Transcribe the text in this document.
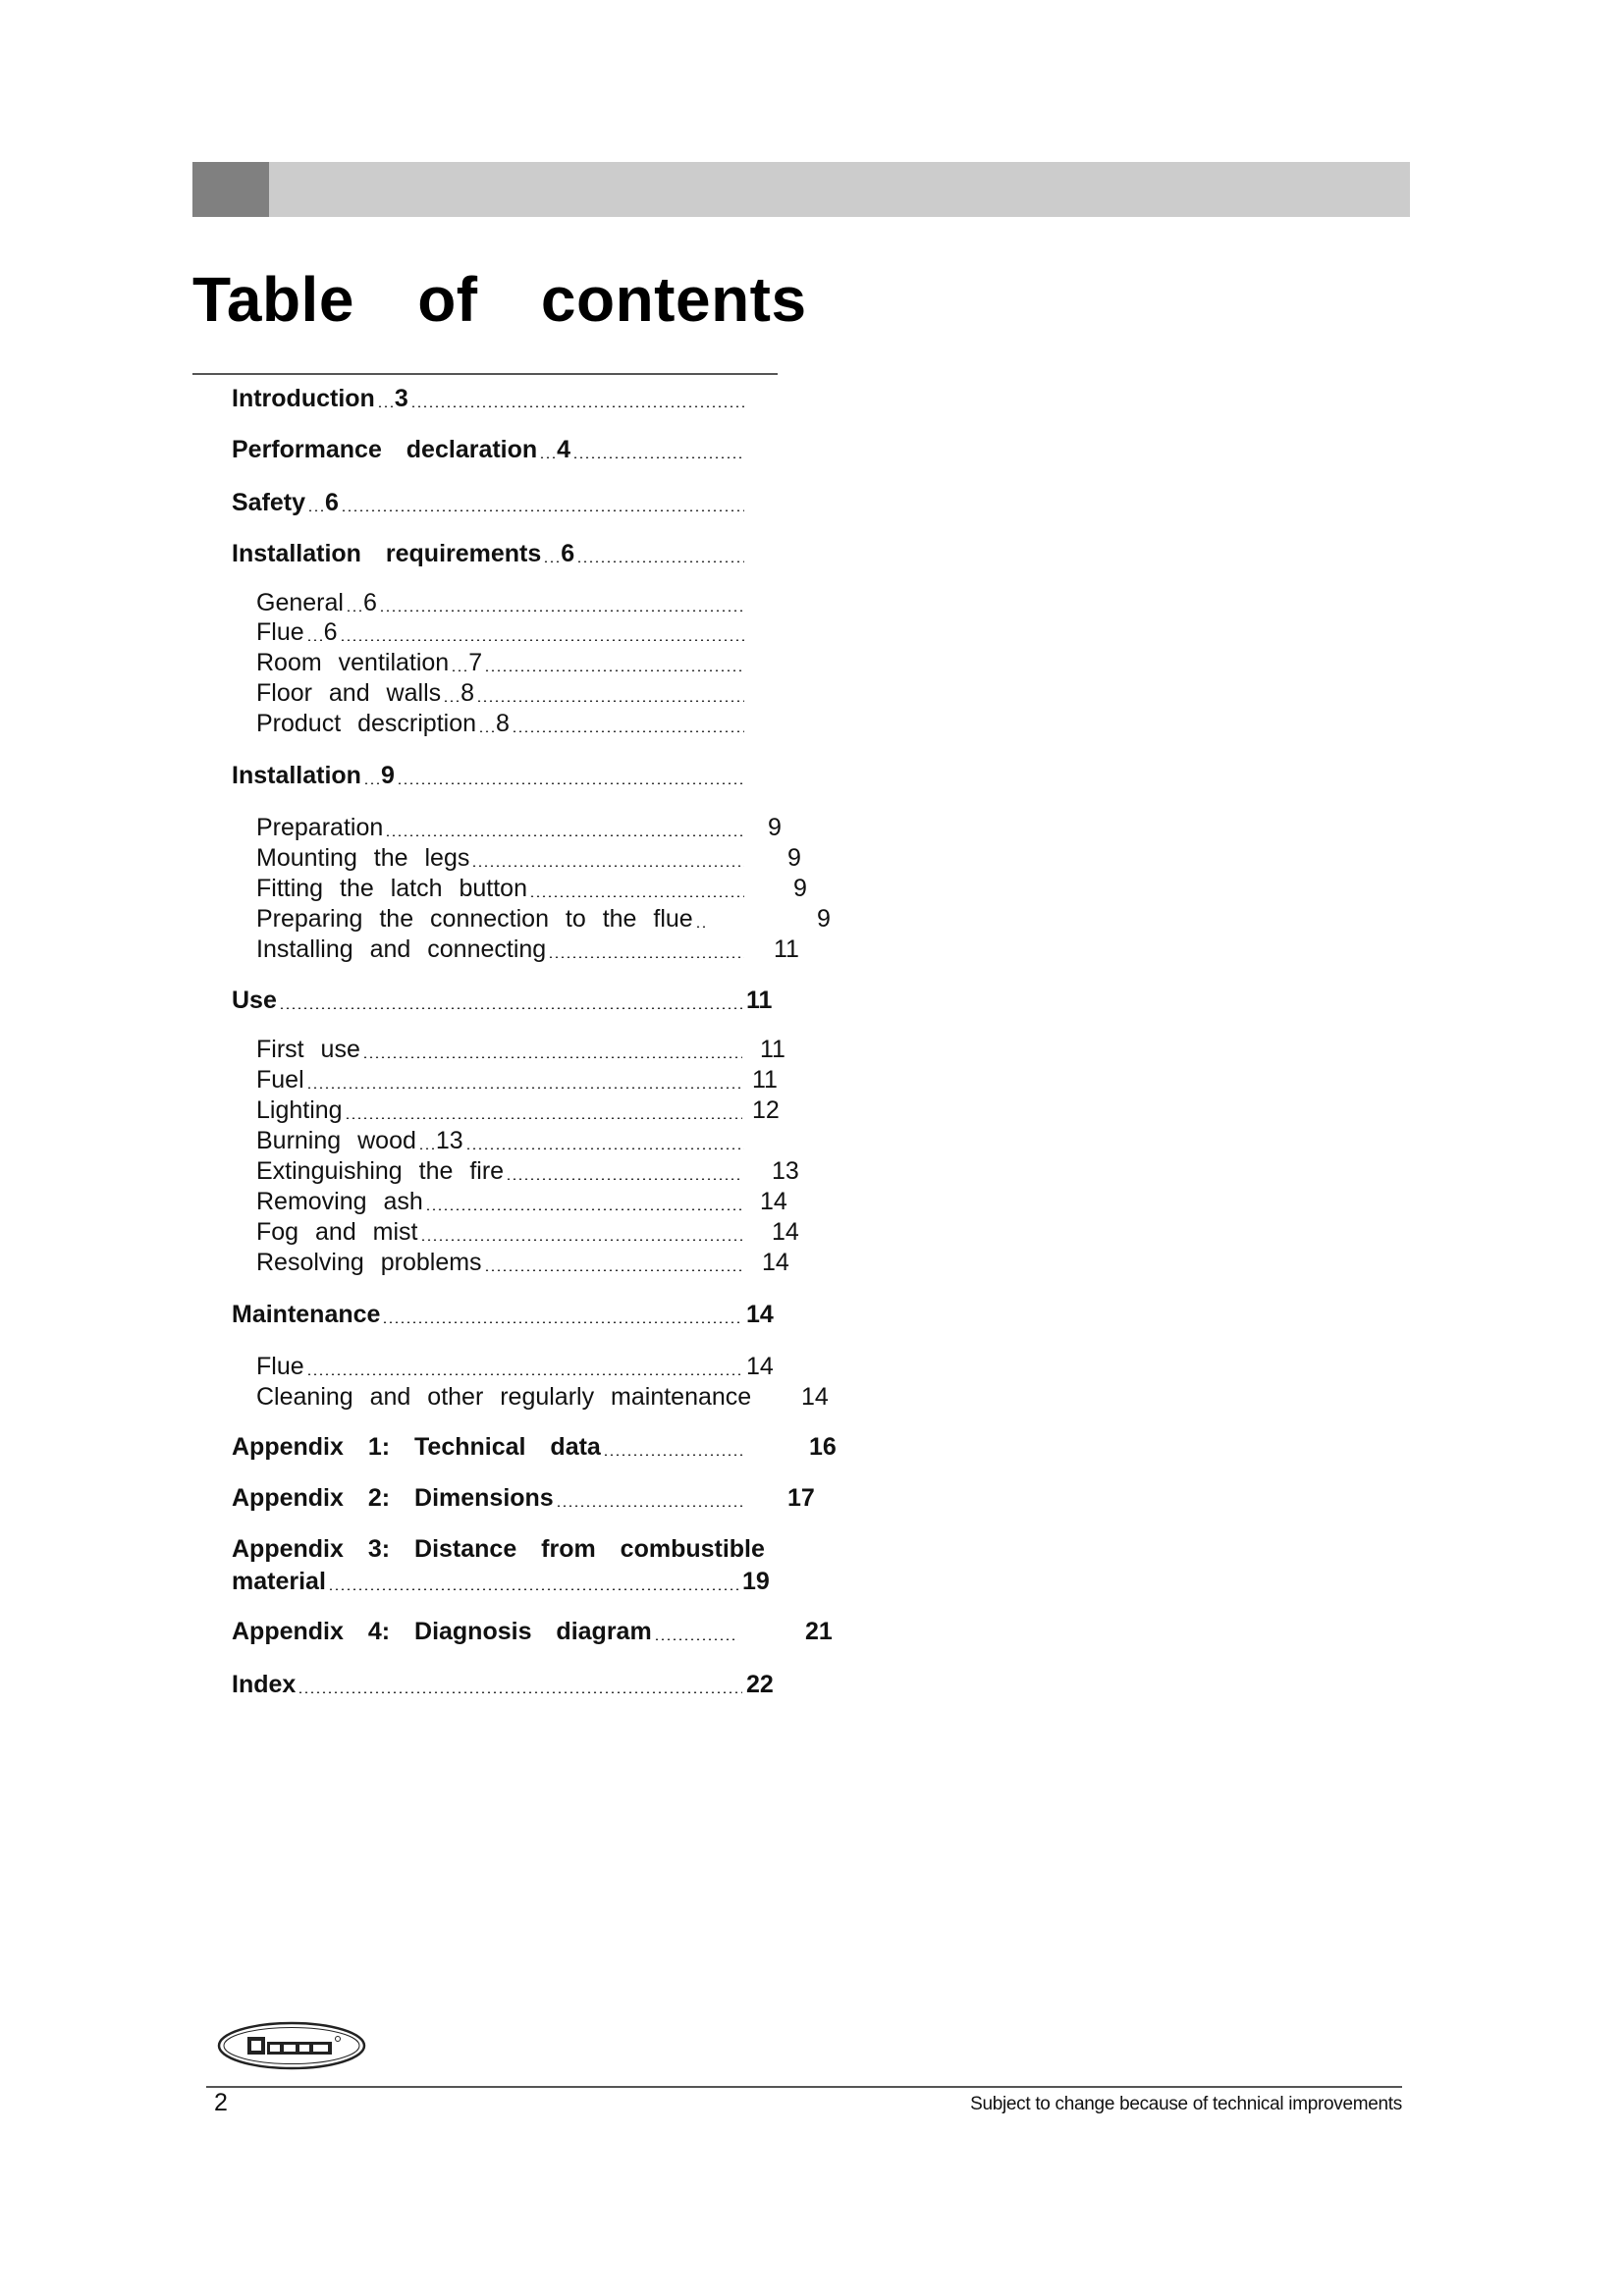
Table of contents
Introduction 3
Performance declaration 4
Safety 6
Installation requirements 6
General 6
Flue 6
Room ventilation 7
Floor and walls 8
Product description 8
Installation 9
Preparation	9
Mounting the legs	9
Fitting the latch button	9
Preparing the connection to the flue	9
Installing and connecting	11
Use	11
First use	11
Fuel	11
Lighting	12
Burning wood 13
Extinguishing the fire	13
Removing ash	14
Fog and mist	14
Resolving problems	14
Maintenance	14
Flue	14
Cleaning and other regularly maintenance 14
Appendix 1: Technical data	16
Appendix 2: Dimensions	17
Appendix 3: Distance from combustible
material	19
Appendix 4: Diagnosis diagram	21
Index	22
2	Subject to change because of technical improvements
